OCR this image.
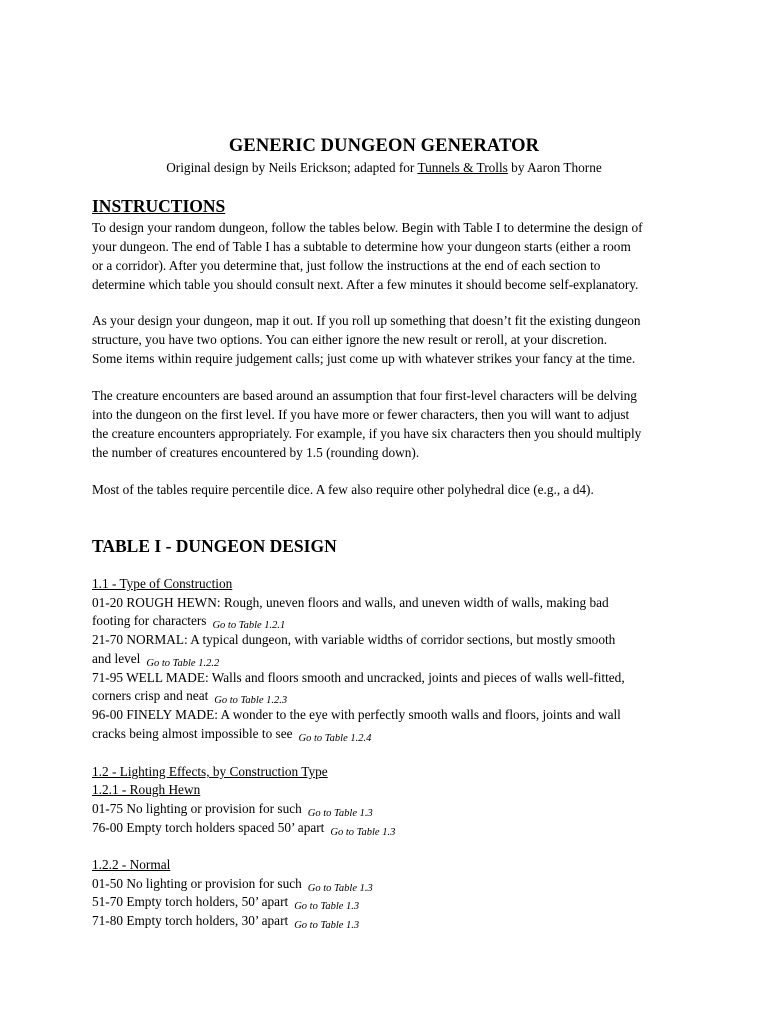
GENERIC DUNGEON GENERATOR
Original design by Neils Erickson; adapted for Tunnels & Trolls by Aaron Thorne
INSTRUCTIONS
To design your random dungeon, follow the tables below. Begin with Table I to determine the design of
your dungeon. The end of Table I has a subtable to determine how your dungeon starts (either a room
or a corridor). After you determine that, just follow the instructions at the end of each section to
determine which table you should consult next. After a few minutes it should become self-explanatory.
As your design your dungeon, map it out. If you roll up something that doesn’t fit the existing dungeon
structure, you have two options. You can either ignore the new result or reroll, at your discretion.
Some items within require judgement calls; just come up with whatever strikes your fancy at the time.
The creature encounters are based around an assumption that four first-level characters will be delving
into the dungeon on the first level. If you have more or fewer characters, then you will want to adjust
the creature encounters appropriately. For example, if you have six characters then you should multiply
the number of creatures encountered by 1.5 (rounding down).
Most of the tables require percentile dice. A few also require other polyhedral dice (e.g., a d4).
TABLE I - DUNGEON DESIGN
1.1 - Type of Construction
01-20 ROUGH HEWN: Rough, uneven floors and walls, and uneven width of walls, making bad
footing for characters $_{Go to Table 1.2.1}$
21-70 NORMAL: A typical dungeon, with variable widths of corridor sections, but mostly smooth
and level $_{Go to Table 1.2.2}$
71-95 WELL MADE: Walls and floors smooth and uncracked, joints and pieces of walls well-fitted,
corners crisp and neat $_{Go to Table 1.2.3}$
96-00 FINELY MADE: A wonder to the eye with perfectly smooth walls and floors, joints and wall
cracks being almost impossible to see $_{Go to Table 1.2.4}$
1.2 - Lighting Effects, by Construction Type
1.2.1 - Rough Hewn
01-75 No lighting or provision for such $_{Go to Table 1.3}$
76-00 Empty torch holders spaced 50’ apart $_{Go to Table 1.3}$
1.2.2 - Normal
01-50 No lighting or provision for such $_{Go to Table 1.3}$
51-70 Empty torch holders, 50’ apart $_{Go to Table 1.3}$
71-80 Empty torch holders, 30’ apart $_{Go to Table 1.3}$
